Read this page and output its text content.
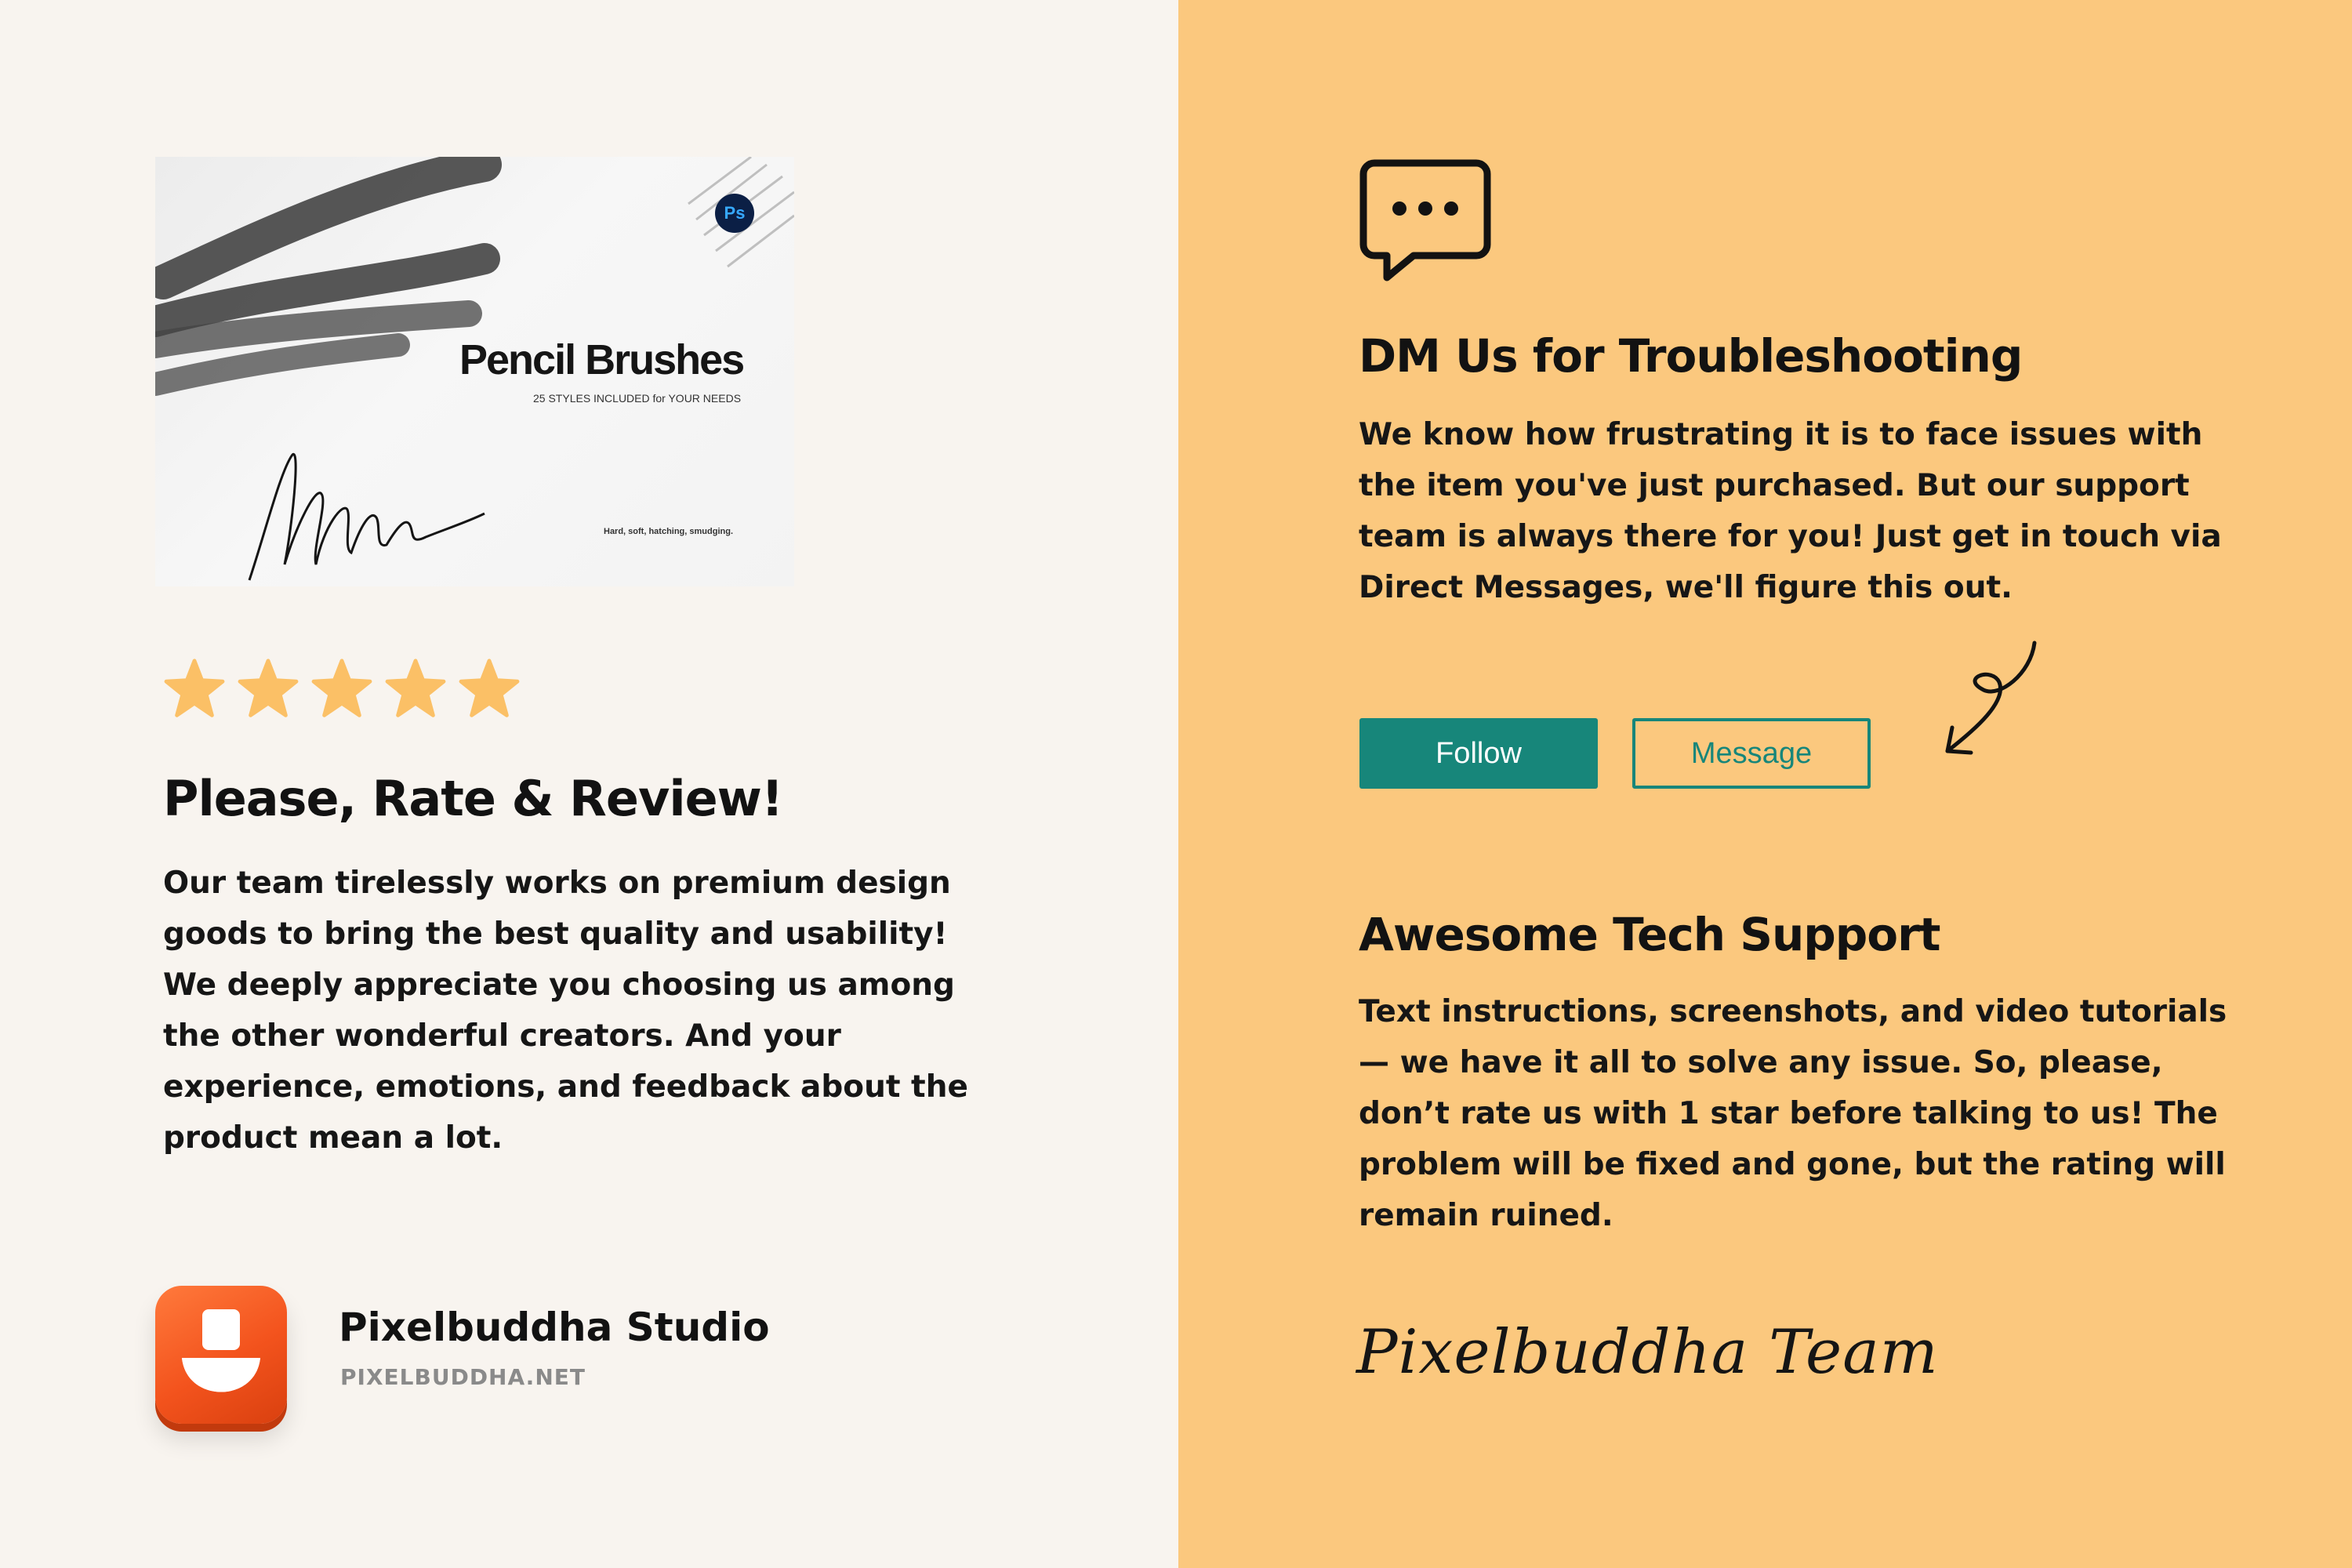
Ps
Pencil Brushes
25 STYLES INCLUDED for YOUR NEEDS
Hard, soft, hatching, smudging.
Please, Rate & Review!
Our team tirelessly works on premium design goods to bring the best quality and usability! We deeply appreciate you choosing us among the other wonderful creators. And your experience, emotions, and feedback about the product mean a lot.
Pixelbuddha Studio
PIXELBUDDHA.NET
DM Us for Troubleshooting
We know how frustrating it is to face issues with the item you've just purchased. But our support team is always there for you! Just get in touch via Direct Messages, we'll figure this out.
Follow	Message
Awesome Tech Support
Text instructions, screenshots, and video tutorials — we have it all to solve any issue. So, please, don’t rate us with 1 star before talking to us! The problem will be fixed and gone, but the rating will remain ruined.
Pixelbuddha Team
